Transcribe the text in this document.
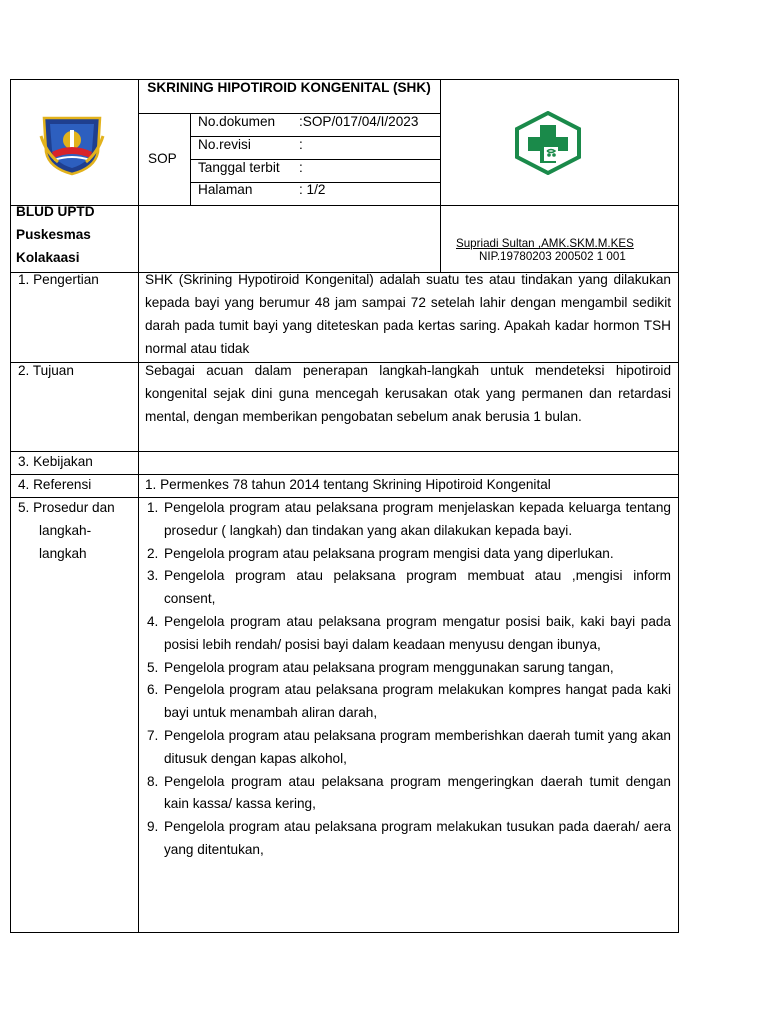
SKRINING HIPOTIROID KONGENITAL (SHK)
SOP
No.dokumen :SOP/017/04/I/2023
No.revisi	:
Tanggal terbit :
Halaman	: 1/2
BLUD UPTD
Puskesmas
Kolakaasi
Supriadi Sultan ,AMK.SKM.M.KES
NIP.19780203 200502 1 001
1. Pengertian
2. Tujuan
3. Kebijakan
4. Referensi
5. Prosedur dan
langkah-
langkah
SHK (Skrining Hypotiroid Kongenital) adalah suatu tes atau tindakan yang dilakukan kepada bayi yang berumur 48 jam sampai 72 setelah lahir dengan mengambil sedikit darah pada tumit bayi yang diteteskan pada kertas saring. Apakah kadar hormon TSH normal atau tidak
Sebagai acuan dalam penerapan langkah-langkah untuk mendeteksi hipotiroid kongenital sejak dini guna mencegah kerusakan otak yang permanen dan retardasi mental, dengan memberikan pengobatan sebelum anak berusia 1 bulan.
1. Permenkes 78 tahun 2014 tentang Skrining Hipotiroid Kongenital
1. Pengelola program atau pelaksana program menjelaskan kepada keluarga tentang prosedur ( langkah) dan tindakan yang akan dilakukan kepada bayi.
2. Pengelola program atau pelaksana program mengisi data yang diperlukan.
3. Pengelola program atau pelaksana program membuat atau ,mengisi inform consent,
4. Pengelola program atau pelaksana program mengatur posisi baik, kaki bayi pada posisi lebih rendah/ posisi bayi dalam keadaan menyusu dengan ibunya,
5. Pengelola program atau pelaksana program menggunakan sarung tangan,
6. Pengelola program atau pelaksana program melakukan kompres hangat pada kaki bayi untuk menambah aliran darah,
7. Pengelola program atau pelaksana program memberishkan daerah tumit yang akan ditusuk dengan kapas alkohol,
8. Pengelola program atau pelaksana program mengeringkan daerah tumit dengan kain kassa/ kassa kering,
9. Pengelola program atau pelaksana program melakukan tusukan pada daerah/ aera yang ditentukan,
